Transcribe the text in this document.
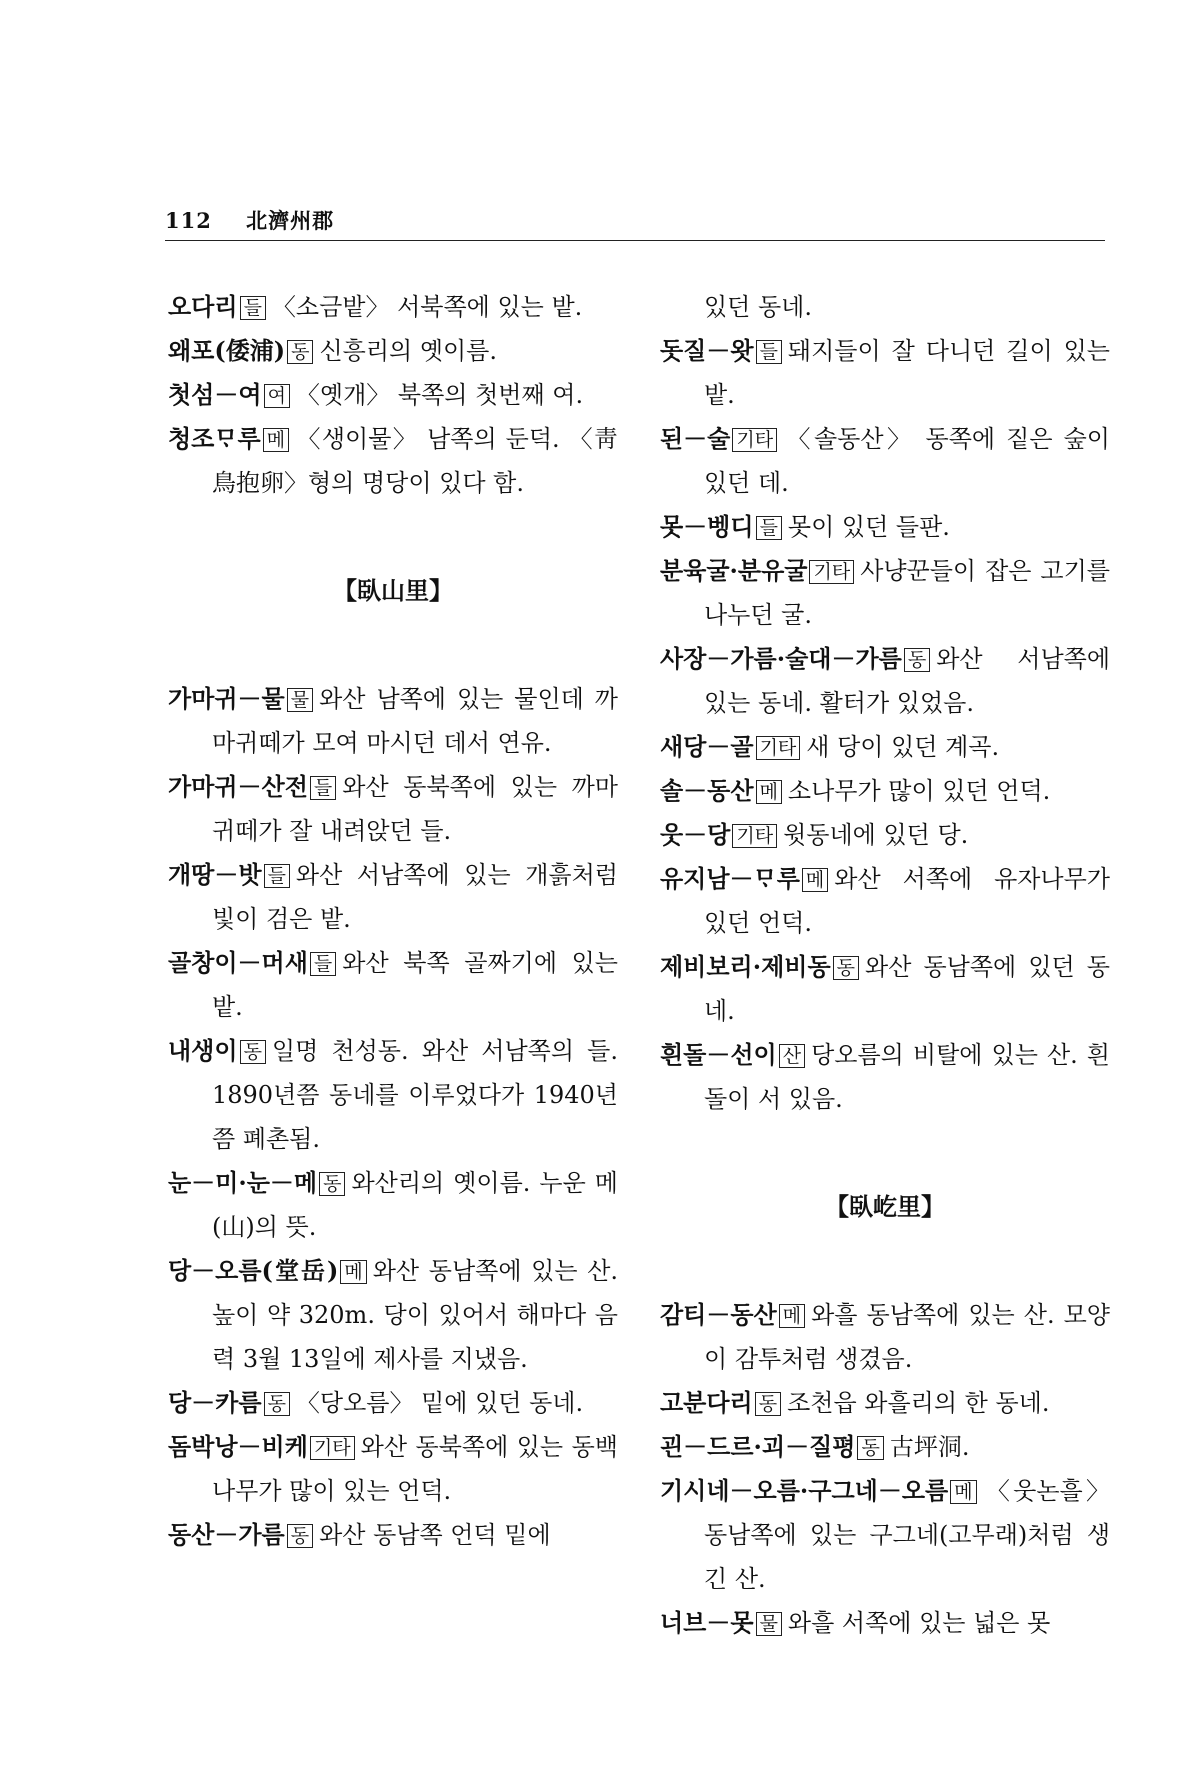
112 北濟州郡
오다리 들 〈소금밭〉 서북쪽에 있는 밭.
왜포(倭浦) 동 신흥리의 옛이름.
첫섬－여 여 〈옛개〉 북쪽의 첫번째 여.
청조ᄆᆞ루 메 〈생이물〉 남쪽의 둔덕. 〈靑鳥抱卵〉형의 명당이 있다 함.
【臥山里】
가마귀－물 물 와산 남쪽에 있는 물인데 까마귀떼가 모여 마시던 데서 연유.
가마귀－산전 들 와산 동북쪽에 있는 까마귀떼가 잘 내려앉던 들.
개땅－밧 들 와산 서남쪽에 있는 개흙처럼 빛이 검은 밭.
골창이－머새 들 와산 북쪽 골짜기에 있는 밭.
내생이 동 일명 천성동. 와산 서남쪽의 들. 1890년쯤 동네를 이루었다가 1940년쯤 폐촌됨.
눈－미·눈－메 동 와산리의 옛이름. 누운 메(山)의 뜻.
당－오름(堂岳) 메 와산 동남쪽에 있는 산. 높이 약 320m. 당이 있어서 해마다 음력 3월 13일에 제사를 지냈음.
당－카름 동 〈당오름〉 밑에 있던 동네.
돔박낭－비케 기타 와산 동북쪽에 있는 동백나무가 많이 있는 언덕.
동산－가름 동 와산 동남쪽 언덕 밑에
있던 동네.
돗질－왓 들 돼지들이 잘 다니던 길이 있는 밭.
된－술 기타 〈솔동산〉 동쪽에 짙은 숲이 있던 데.
못－벵디 들 못이 있던 들판.
분육굴·분유굴 기타 사냥꾼들이 잡은 고기를 나누던 굴.
사장－가름·술대－가름 동 와산 서남쪽에 있는 동네. 활터가 있었음.
새당－골 기타 새 당이 있던 계곡.
솔－동산 메 소나무가 많이 있던 언덕.
웃－당 기타 윗동네에 있던 당.
유지남－ᄆᆞ루 메 와산 서쪽에 유자나무가 있던 언덕.
제비보리·제비동 동 와산 동남쪽에 있던 동네.
흰돌－선이 산 당오름의 비탈에 있는 산. 흰 돌이 서 있음.
【臥屹里】
감티－동산 메 와흘 동남쪽에 있는 산. 모양이 감투처럼 생겼음.
고분다리 동 조천읍 와흘리의 한 동네.
괸－드르·괴－질평 동 古坪洞.
기시네－오름·구그네－오름 메 〈웃논흘〉 동남쪽에 있는 구그네(고무래)처럼 생긴 산.
너브－못 물 와흘 서쪽에 있는 넓은 못
